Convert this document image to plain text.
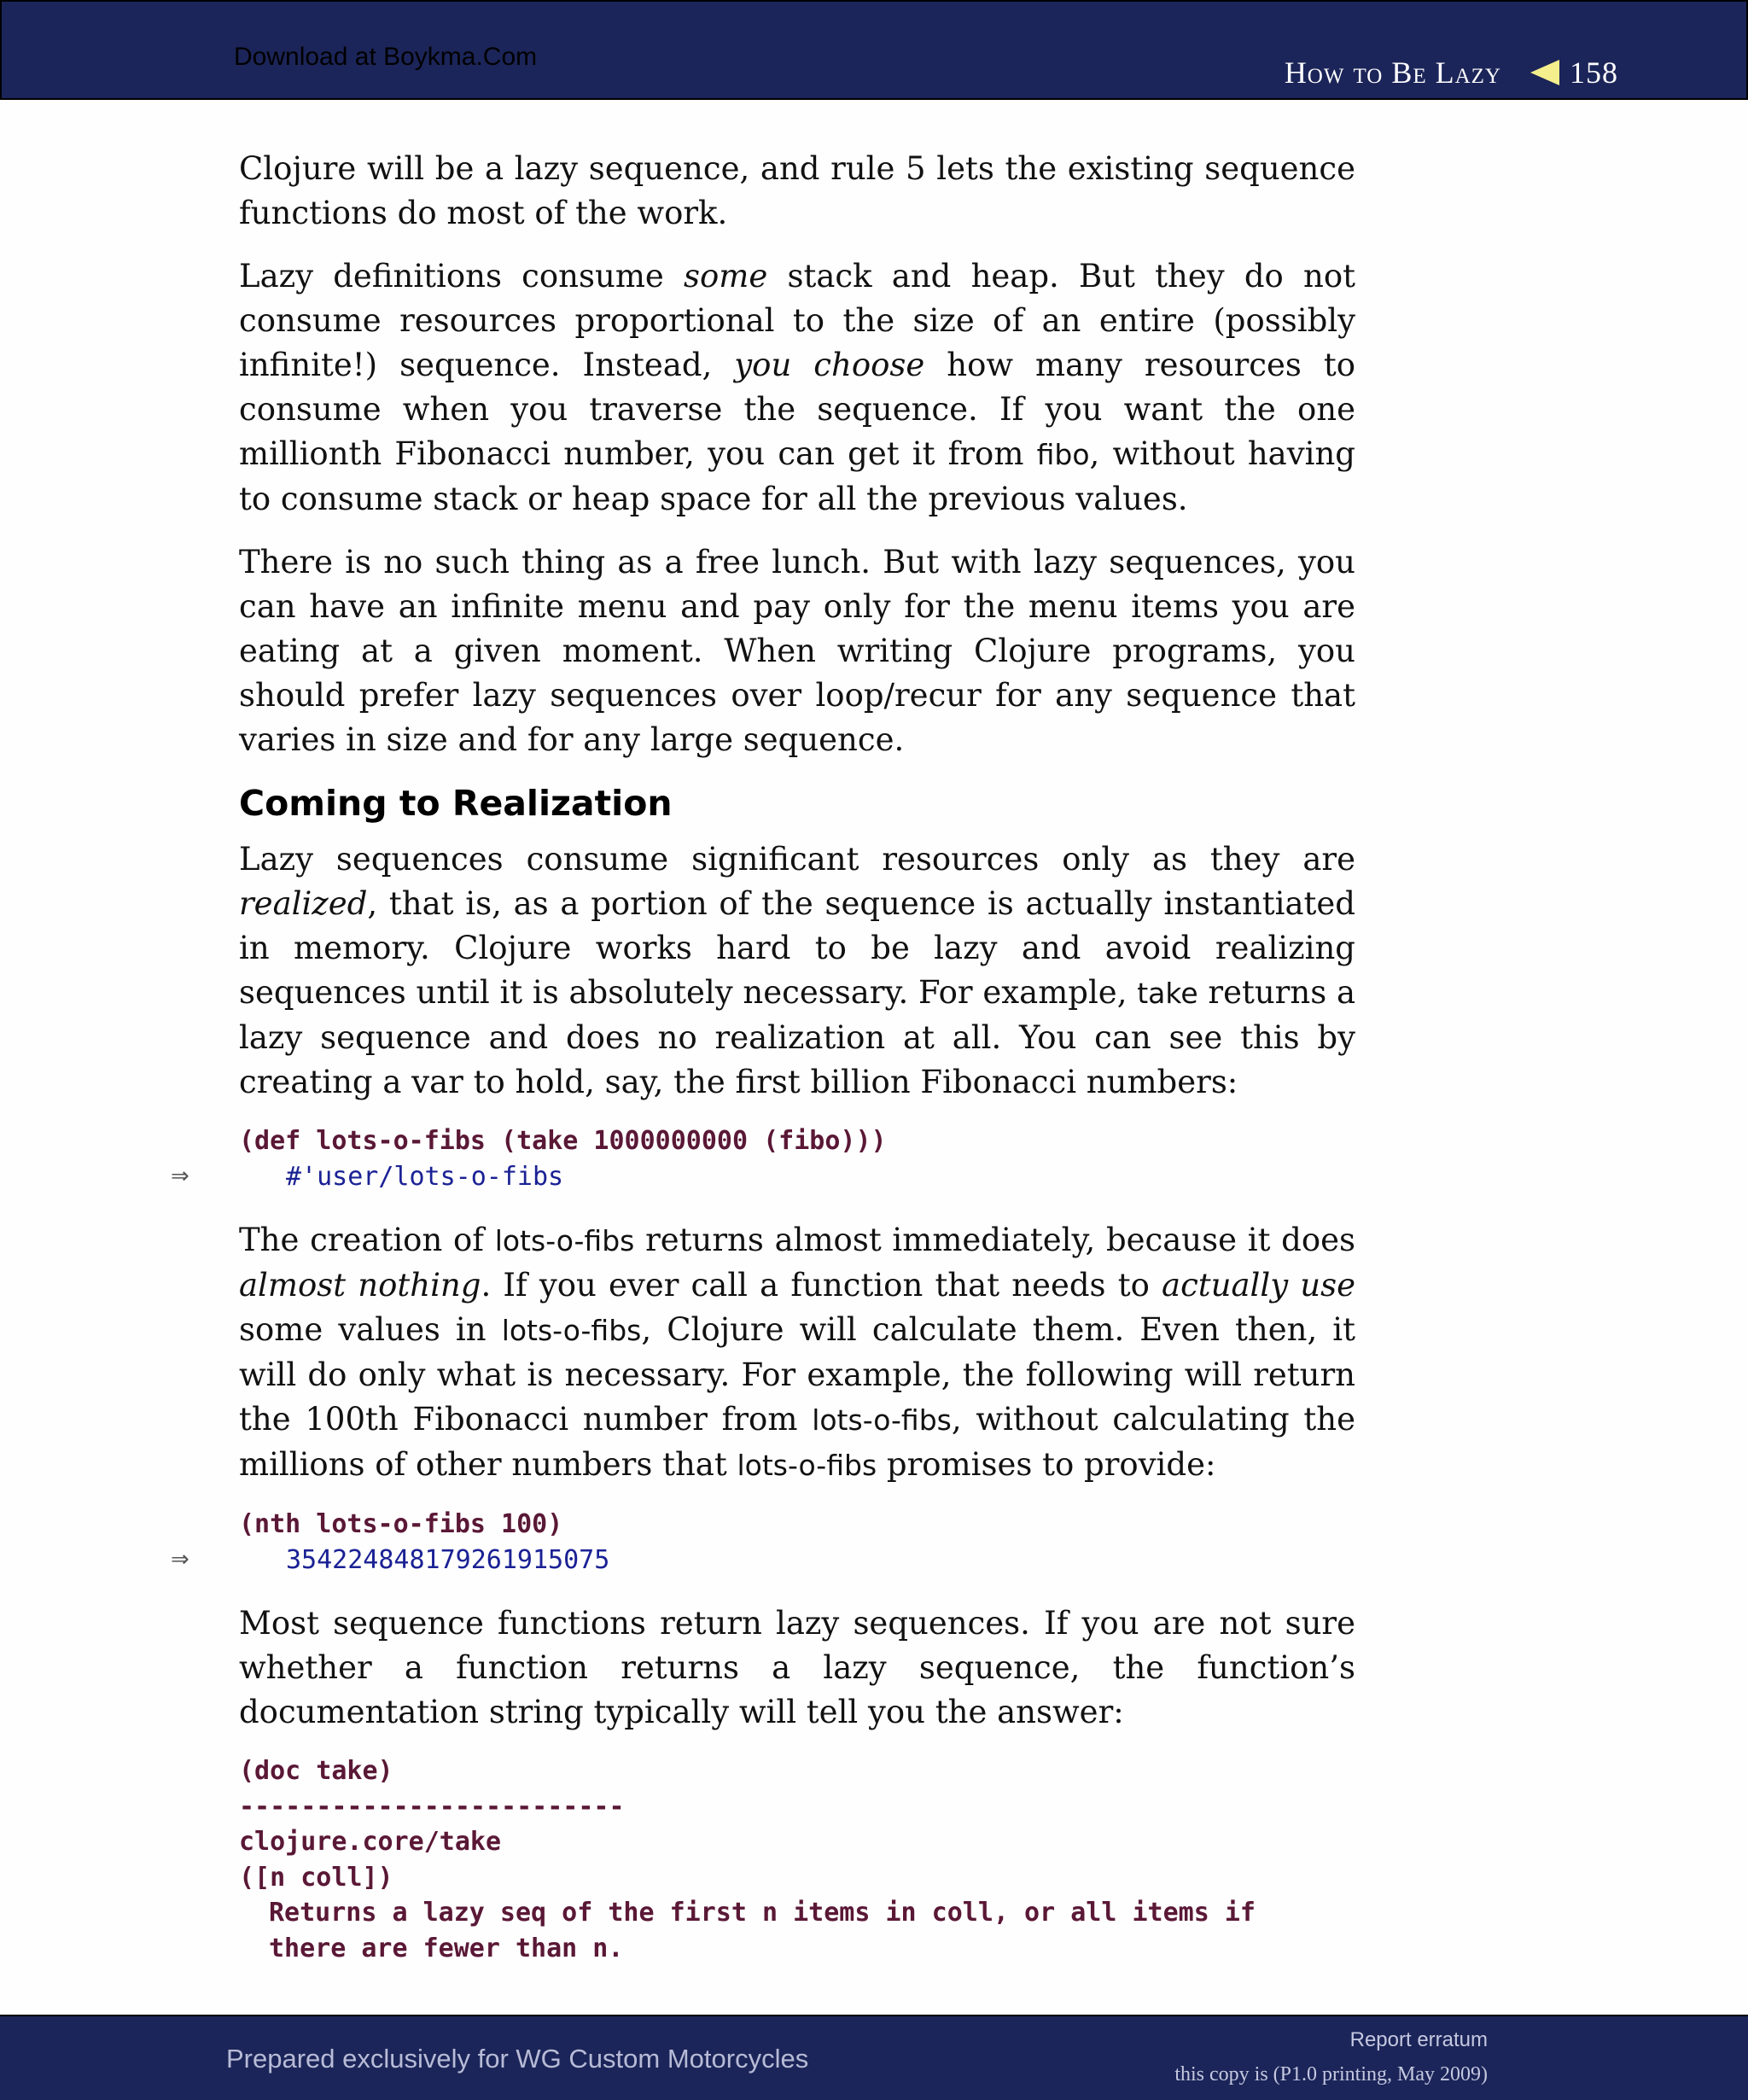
Download at Boykma.Com	How to Be Lazy 158

Clojure will be a lazy sequence, and rule 5 lets the existing sequence functions do most of the work.

Lazy definitions consume some stack and heap. But they do not consume resources proportional to the size of an entire (possibly infinite!) sequence. Instead, you choose how many resources to consume when you traverse the sequence. If you want the one millionth Fibonacci number, you can get it from fibo, without having to consume stack or heap space for all the previous values.

There is no such thing as a free lunch. But with lazy sequences, you can have an infinite menu and pay only for the menu items you are eating at a given moment. When writing Clojure programs, you should prefer lazy sequences over loop/recur for any sequence that varies in size and for any large sequence.

Coming to Realization

Lazy sequences consume significant resources only as they are realized, that is, as a portion of the sequence is actually instantiated in memory. Clojure works hard to be lazy and avoid realizing sequences until it is absolutely necessary. For example, take returns a lazy sequence and does no realization at all. You can see this by creating a var to hold, say, the first billion Fibonacci numbers:

(def lots-o-fibs (take 1000000000 (fibo)))
⇒	#'user/lots-o-fibs

The creation of lots-o-fibs returns almost immediately, because it does almost nothing. If you ever call a function that needs to actually use some values in lots-o-fibs, Clojure will calculate them. Even then, it will do only what is necessary. For example, the following will return the 100th Fibonacci number from lots-o-fibs, without calculating the millions of other numbers that lots-o-fibs promises to provide:

(nth lots-o-fibs 100)
⇒	354224848179261915075

Most sequence functions return lazy sequences. If you are not sure whether a function returns a lazy sequence, the function’s documentation string typically will tell you the answer:

(doc take)
-------------------------
clojure.core/take
([n coll])
Returns a lazy seq of the first n items in coll, or all items if
there are fewer than n.
Prepared exclusively for WG Custom Motorcycles
Report erratum
this copy is (P1.0 printing, May 2009)
